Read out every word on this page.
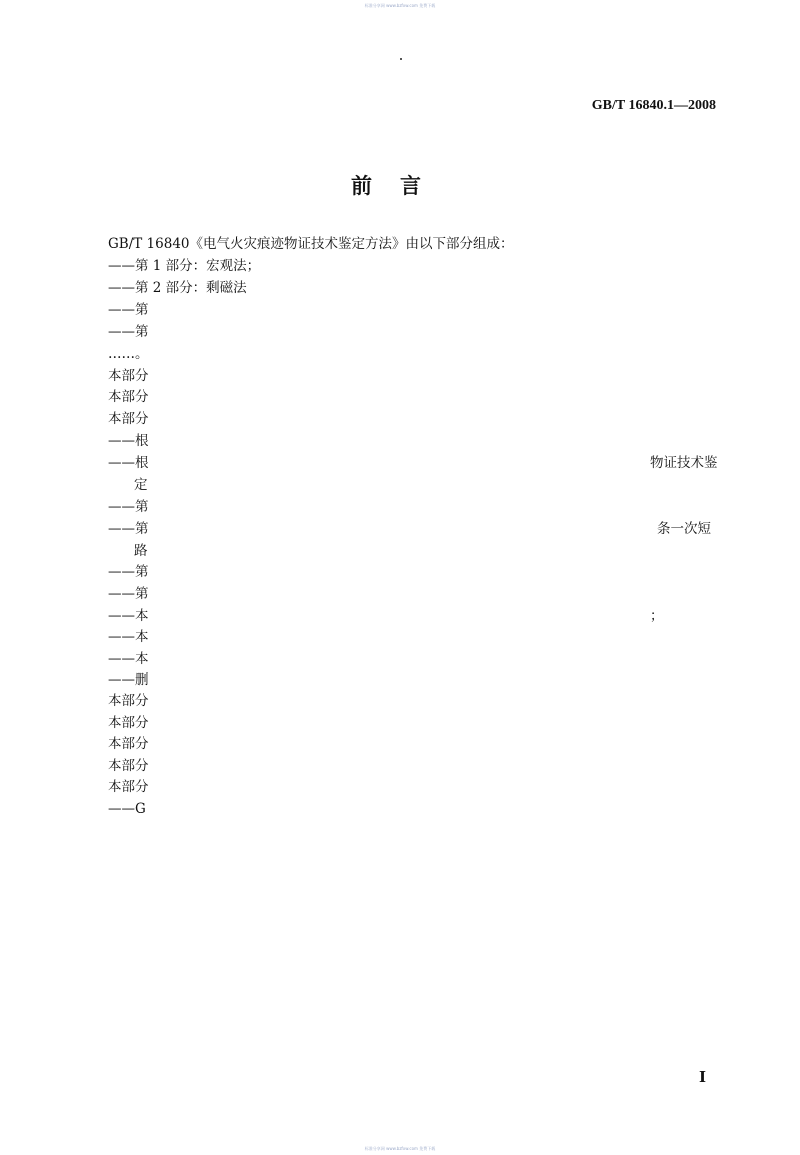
标准分享网 www.bzfxw.com 免费下载
GB/T 16840.1—2008
前言
GB/T 16840《电气火灾痕迹物证技术鉴定方法》由以下部分组成：
——第 1 部分：宏观法；
——第 2 部分：剩磁法
——第
——第
……。
本部分
本部分
本部分
——根
——根
定
——第
——第
路
——第
——第
——本
——本
——本
——删
本部分
本部分
本部分
本部分
本部分
——G
物证技术鉴
条一次短
；
I
标准分享网 www.bzfxw.com 免费下载
